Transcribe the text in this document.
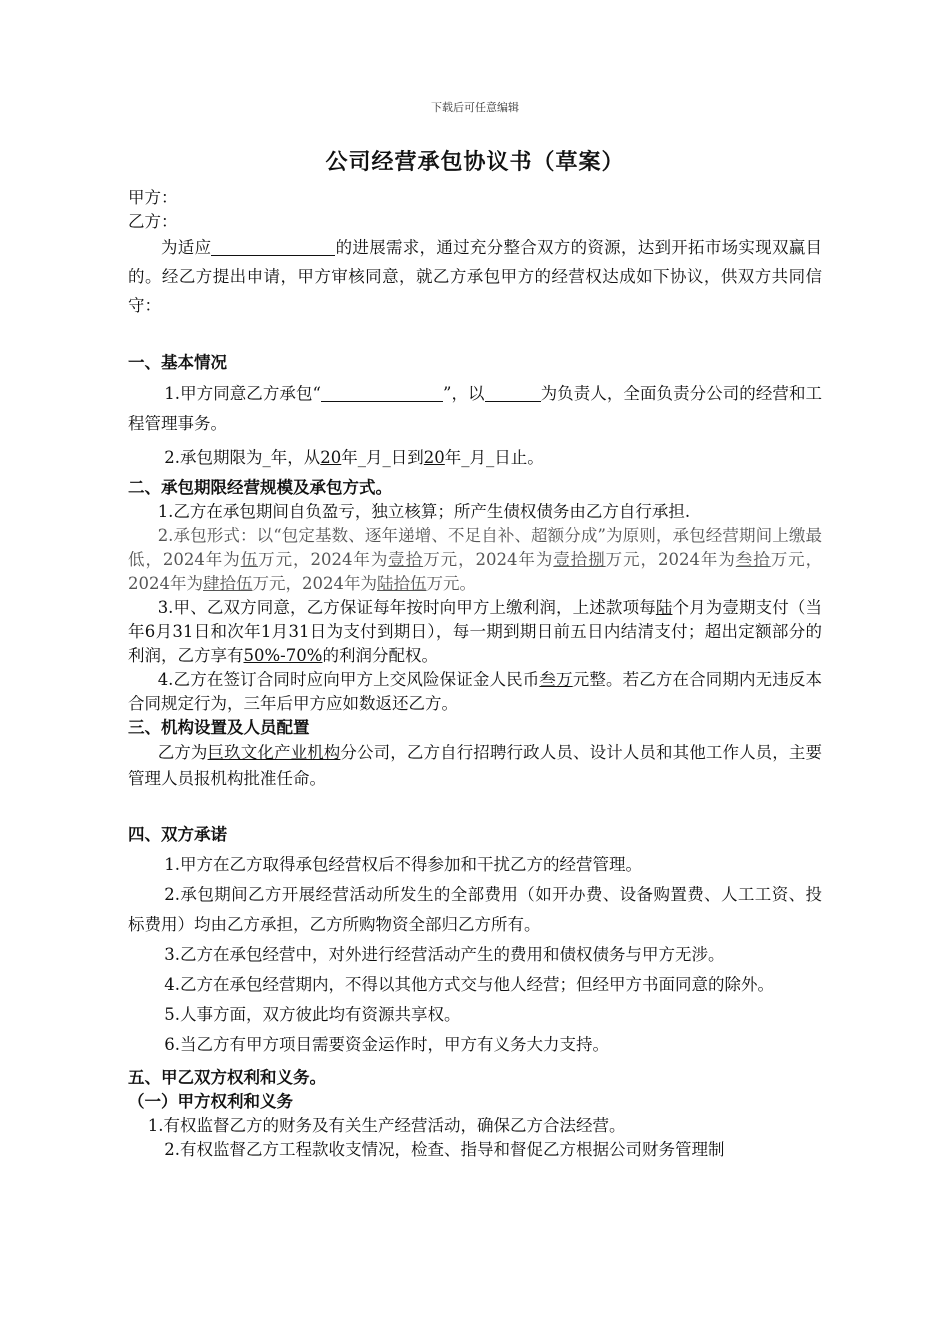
下载后可任意编辑
公司经营承包协议书（草案）
甲方：
乙方：
为适应	的进展需求，通过充分整合双方的资源，达到开拓市场实现双赢目的。经乙方提出申请，甲方审核同意，就乙方承包甲方的经营权达成如下协议，供双方共同信守：
一、基本情况
1.甲方同意乙方承包“	”，以	为负责人，全面负责分公司的经营和工程管理事务。
2.承包期限为_年，从20年_月_日到20年_月_日止。
二、承包期限经营规模及承包方式。
1.乙方在承包期间自负盈亏，独立核算；所产生债权债务由乙方自行承担.
2.承包形式：以“包定基数、逐年递增、不足自补、超额分成”为原则，承包经营期间上缴最低，2024年为伍万元，2024年为壹拾万元，2024年为壹拾捌万元，2024年为叁拾万元，2024年为肆拾伍万元，2024年为陆拾伍万元。
3.甲、乙双方同意，乙方保证每年按时向甲方上缴利润，上述款项每陆个月为壹期支付（当年6月31日和次年1月31日为支付到期日），每一期到期日前五日内结清支付；超出定额部分的利润，乙方享有50%-70%的利润分配权。
4.乙方在签订合同时应向甲方上交风险保证金人民币叁万元整。若乙方在合同期内无违反本合同规定行为，三年后甲方应如数返还乙方。
三、机构设置及人员配置
乙方为巨玖文化产业机构分公司，乙方自行招聘行政人员、设计人员和其他工作人员，主要管理人员报机构批准任命。
四、双方承诺
1.甲方在乙方取得承包经营权后不得参加和干扰乙方的经营管理。
2.承包期间乙方开展经营活动所发生的全部费用（如开办费、设备购置费、人工工资、投标费用）均由乙方承担，乙方所购物资全部归乙方所有。
3.乙方在承包经营中，对外进行经营活动产生的费用和债权债务与甲方无涉。
4.乙方在承包经营期内，不得以其他方式交与他人经营；但经甲方书面同意的除外。
5.人事方面，双方彼此均有资源共享权。
6.当乙方有甲方项目需要资金运作时，甲方有义务大力支持。
五、甲乙双方权利和义务。
（一）甲方权利和义务
1.有权监督乙方的财务及有关生产经营活动，确保乙方合法经营。
2.有权监督乙方工程款收支情况，检查、指导和督促乙方根据公司财务管理制
